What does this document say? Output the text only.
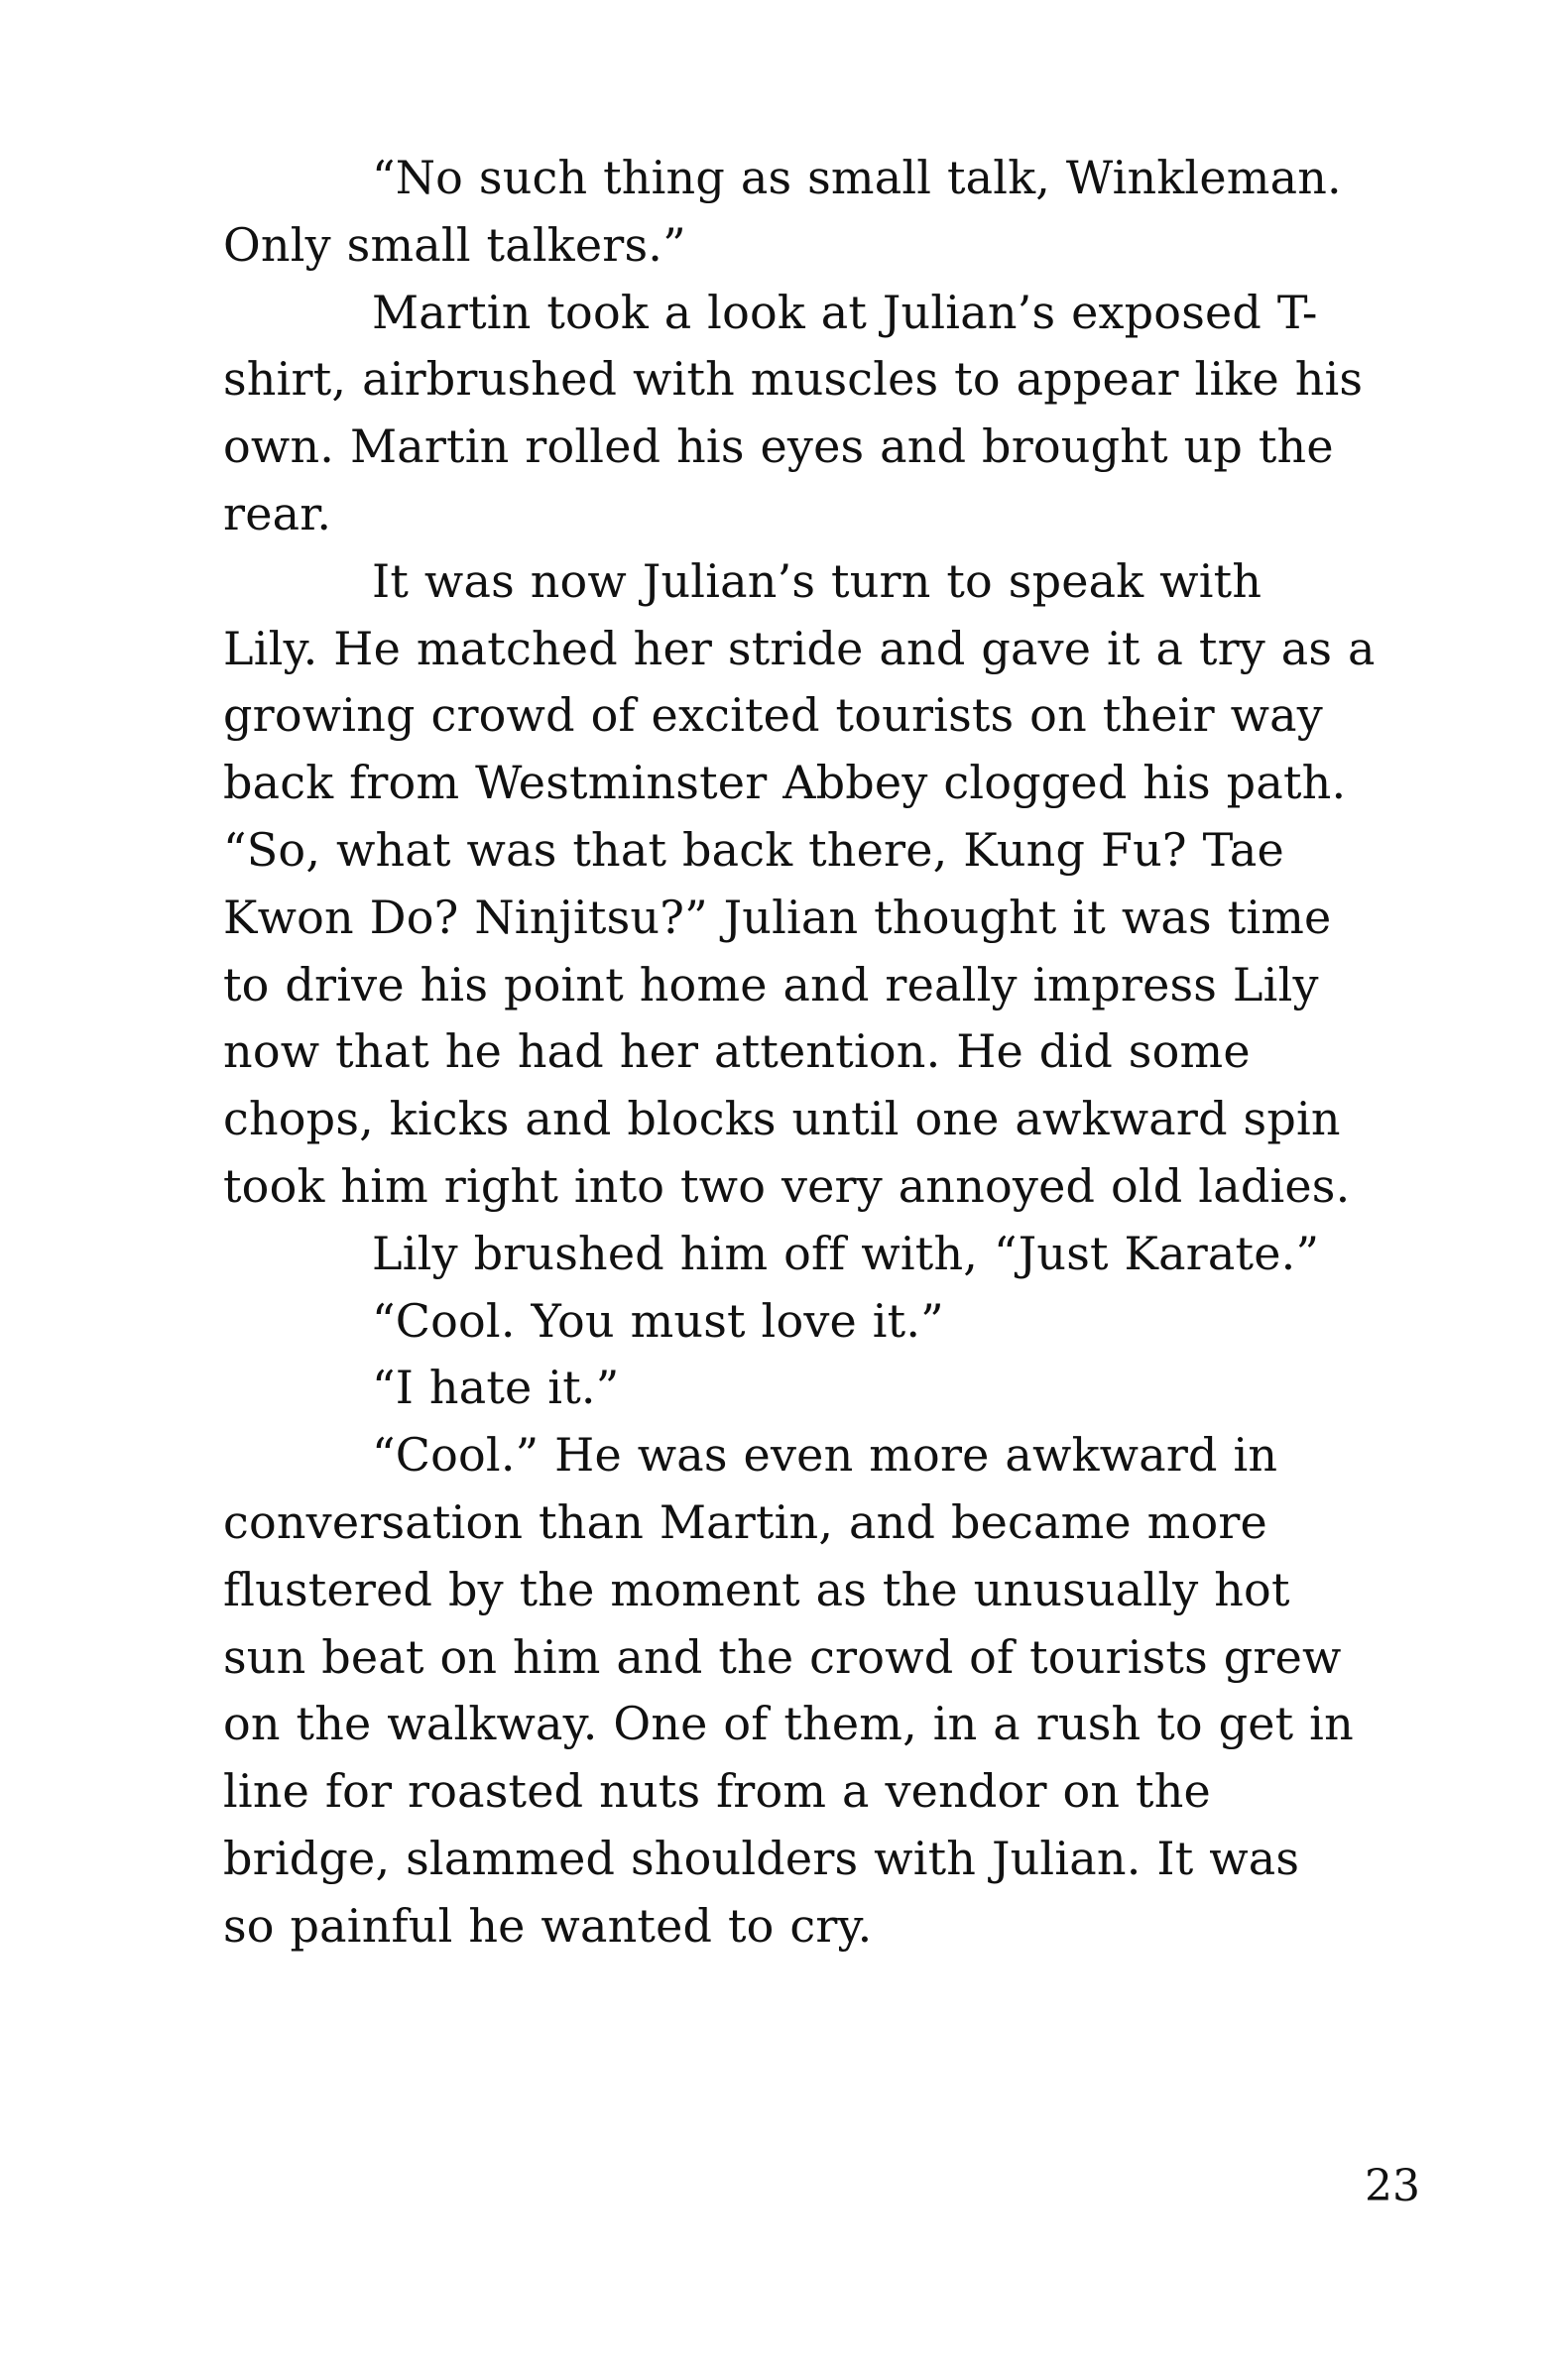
“No such thing as small talk, Winkleman.
Only small talkers.”
Martin took a look at Julian’s exposed T-
shirt, airbrushed with muscles to appear like his
own. Martin rolled his eyes and brought up the
rear.
It was now Julian’s turn to speak with
Lily. He matched her stride and gave it a try as a
growing crowd of excited tourists on their way
back from Westminster Abbey clogged his path.
“So, what was that back there, Kung Fu? Tae
Kwon Do? Ninjitsu?” Julian thought it was time
to drive his point home and really impress Lily
now that he had her attention. He did some
chops, kicks and blocks until one awkward spin
took him right into two very annoyed old ladies.
Lily brushed him off with, “Just Karate.”
“Cool. You must love it.”
“I hate it.”
“Cool.” He was even more awkward in
conversation than Martin, and became more
flustered by the moment as the unusually hot
sun beat on him and the crowd of tourists grew
on the walkway. One of them, in a rush to get in
line for roasted nuts from a vendor on the
bridge, slammed shoulders with Julian. It was
so painful he wanted to cry.
23
